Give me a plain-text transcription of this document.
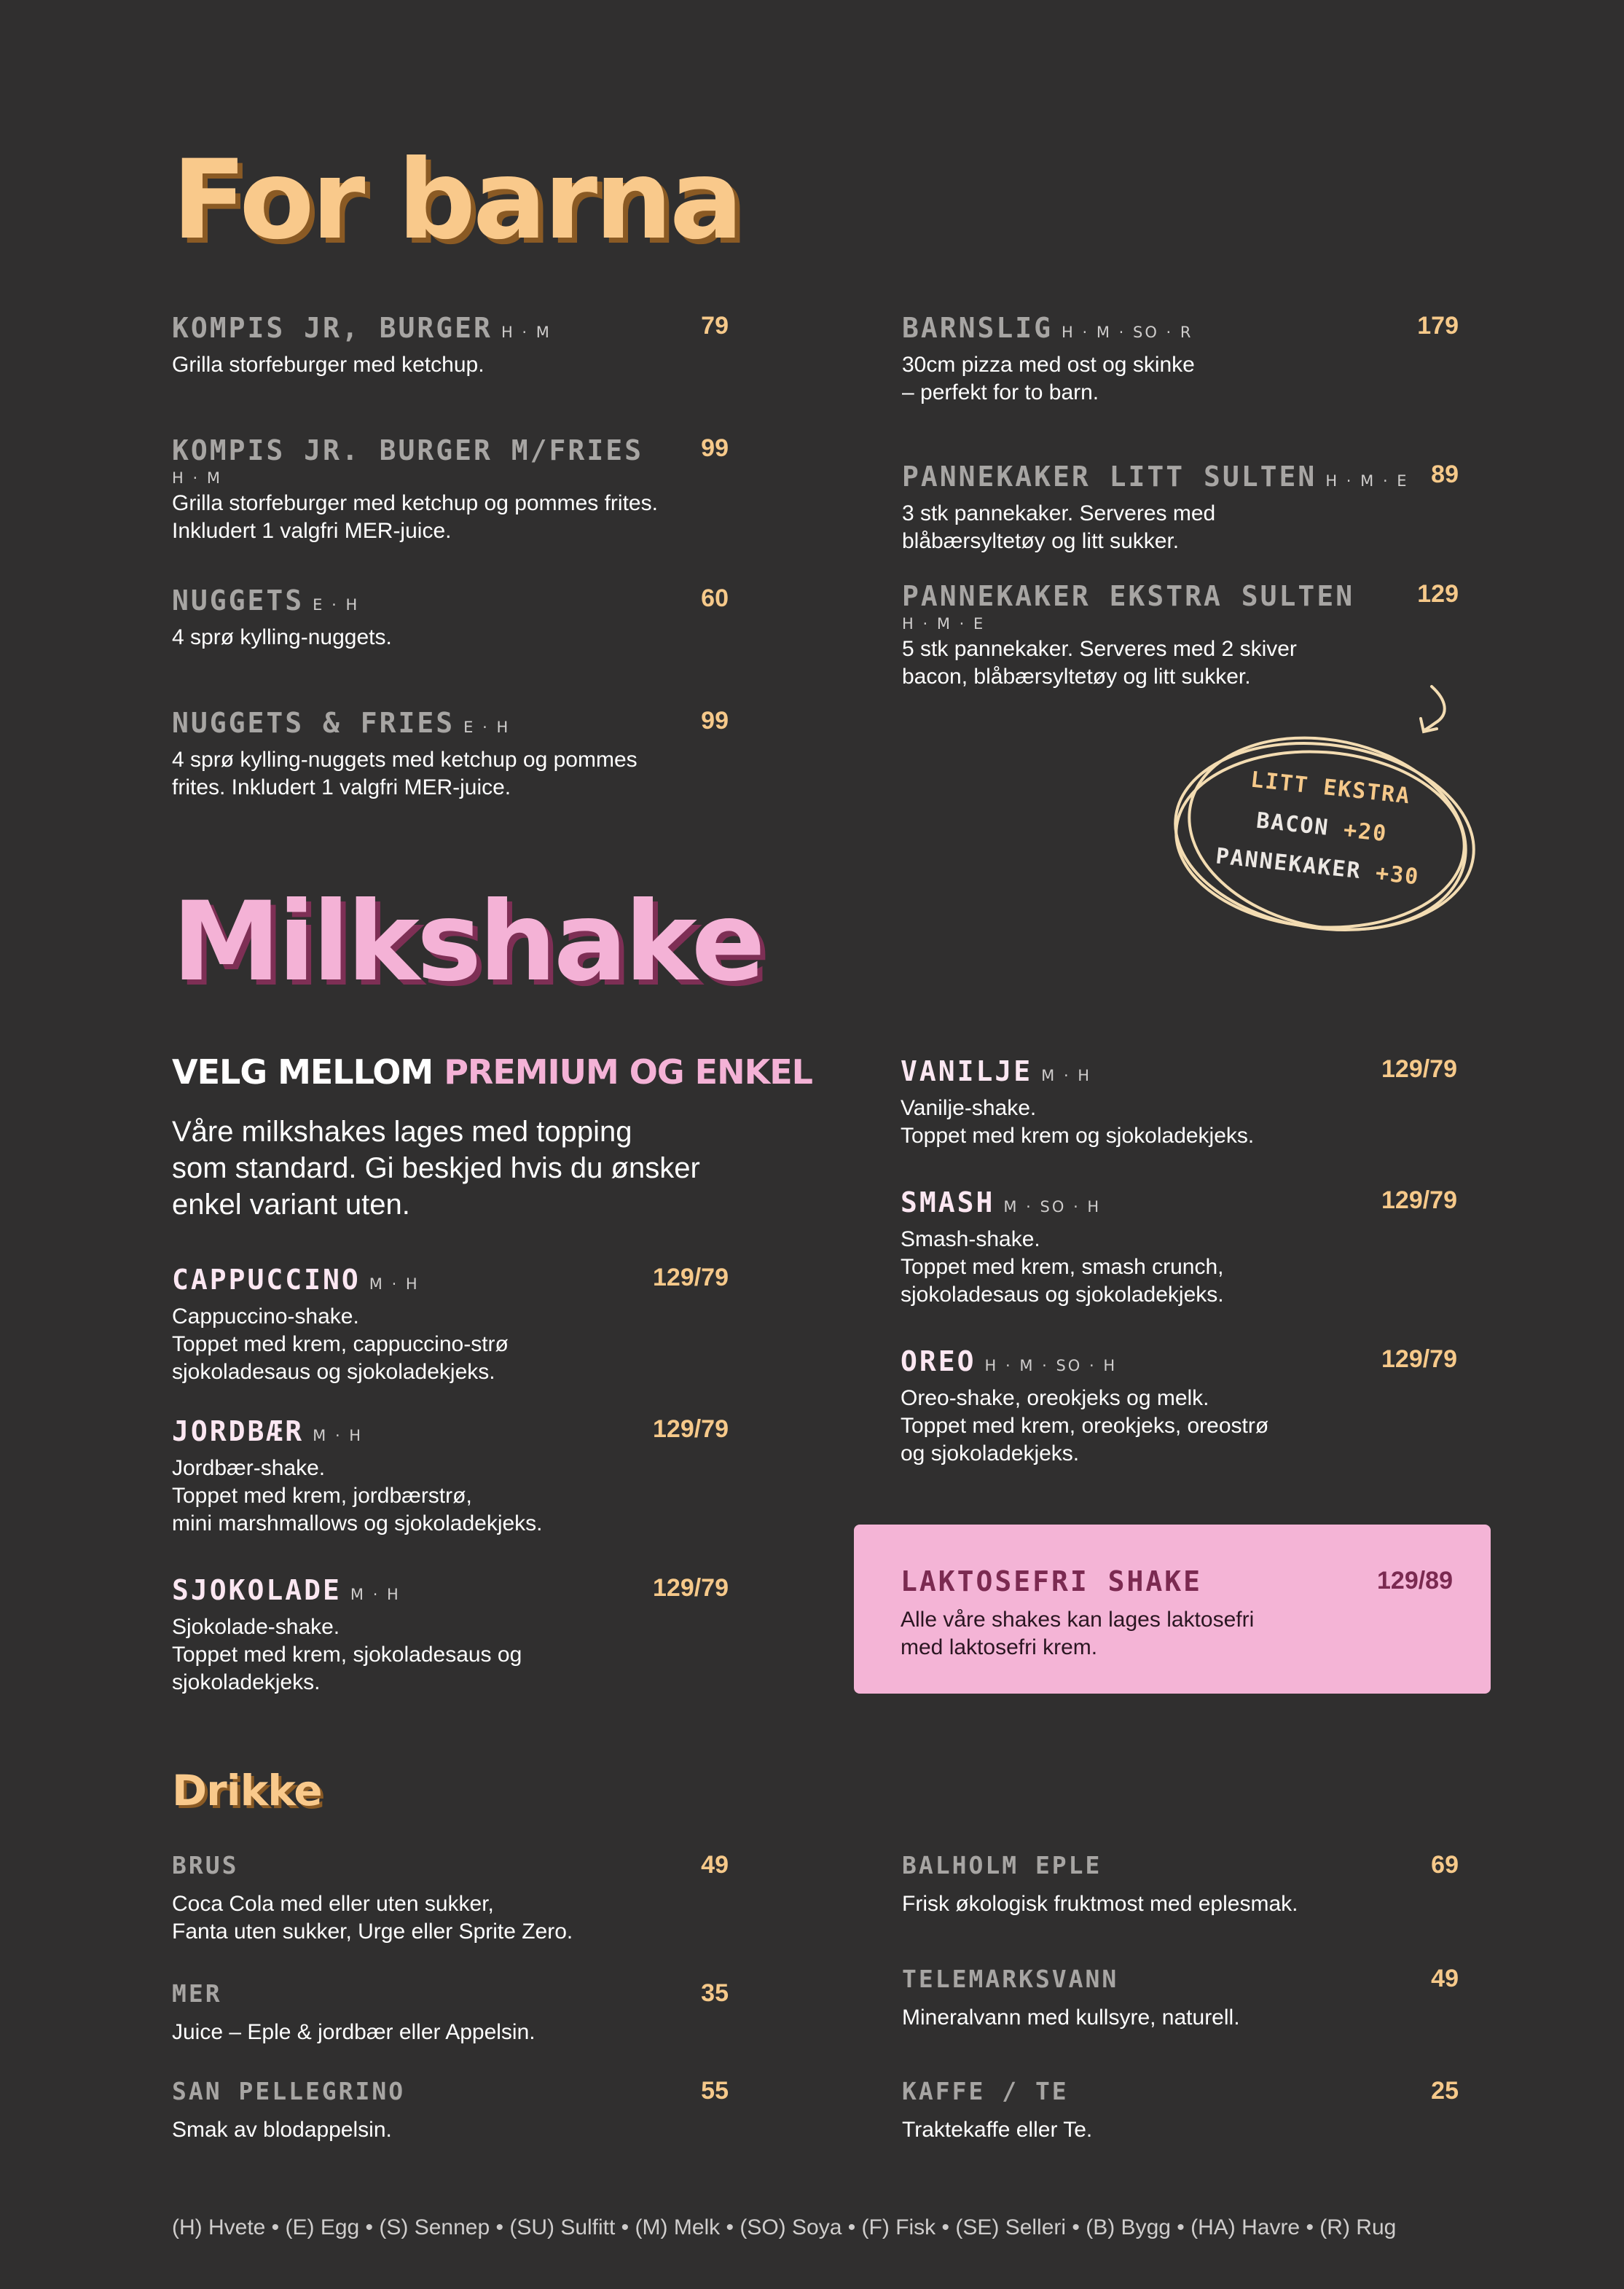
For barna
KOMPIS JR, BURGER H · M	79
Grilla storfeburger med ketchup.
KOMPIS JR. BURGER M/FRIES
H · M
99
Grilla storfeburger med ketchup og pommes frites.
Inkludert 1 valgfri MER-juice.
NUGGETS E · H	60
4 sprø kylling-nuggets.
NUGGETS & FRIES E · H	99
4 sprø kylling-nuggets med ketchup og pommes
frites. Inkludert 1 valgfri MER-juice.
BARNSLIG H · M · SO · R	179
30cm pizza med ost og skinke
– perfekt for to barn.
PANNEKAKER LITT SULTEN H · M · E 89
3 stk pannekaker. Serveres med
blåbærsyltetøy og litt sukker.
PANNEKAKER EKSTRA SULTEN
H · M · E
129
5 stk pannekaker. Serveres med 2 skiver
bacon, blåbærsyltetøy og litt sukker.
LITT EKSTRA
BACON +20
PANNEKAKER +30
Milkshake
VELG MELLOM PREMIUM OG ENKEL
Våre milkshakes lages med topping
som standard. Gi beskjed hvis du ønsker
enkel variant uten.
CAPPUCCINO M · H	129/79
Cappuccino-shake.
Toppet med krem, cappuccino-strø
sjokoladesaus og sjokoladekjeks.
JORDBÆR M · H	129/79
Jordbær-shake.
Toppet med krem, jordbærstrø,
mini marshmallows og sjokoladekjeks.
SJOKOLADE M · H	129/79
Sjokolade-shake.
Toppet med krem, sjokoladesaus og
sjokoladekjeks.
VANILJE M · H	129/79
Vanilje-shake.
Toppet med krem og sjokoladekjeks.
SMASH M · SO · H	129/79
Smash-shake.
Toppet med krem, smash crunch,
sjokoladesaus og sjokoladekjeks.
OREO H · M · SO · H	129/79
Oreo-shake, oreokjeks og melk.
Toppet med krem, oreokjeks, oreostrø
og sjokoladekjeks.
LAKTOSEFRI SHAKE	129/89
Alle våre shakes kan lages laktosefri
med laktosefri krem.
Drikke
BRUS	49
Coca Cola med eller uten sukker,
Fanta uten sukker, Urge eller Sprite Zero.
MER	35
Juice – Eple & jordbær eller Appelsin.
SAN PELLEGRINO	55
Smak av blodappelsin.
BALHOLM EPLE	69
Frisk økologisk fruktmost med eplesmak.
TELEMARKSVANN	49
Mineralvann med kullsyre, naturell.
KAFFE / TE	25
Traktekaffe eller Te.
(H) Hvete • (E) Egg • (S) Sennep • (SU) Sulfitt • (M) Melk • (SO) Soya • (F) Fisk • (SE) Selleri • (B) Bygg • (HA) Havre • (R) Rug
